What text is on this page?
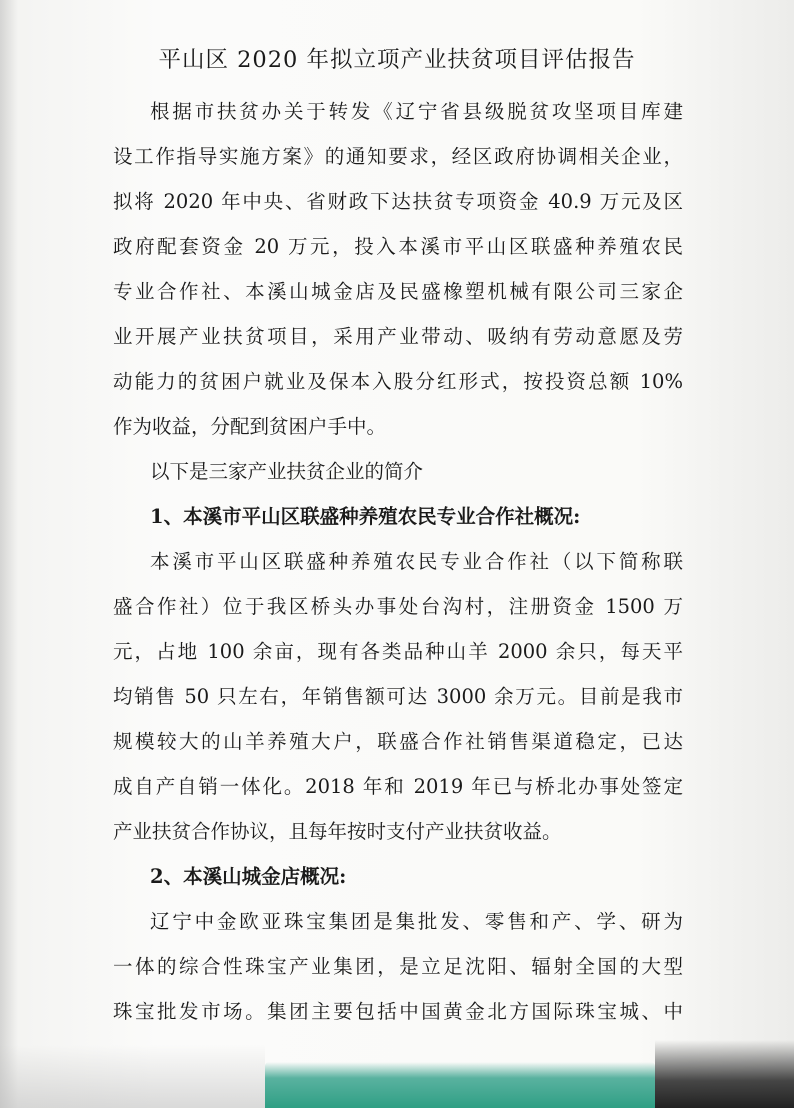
平山区 2020 年拟立项产业扶贫项目评估报告
根据市扶贫办关于转发《辽宁省县级脱贫攻坚项目库建
设工作指导实施方案》的通知要求，经区政府协调相关企业，
拟将 2020 年中央、省财政下达扶贫专项资金 40.9 万元及区
政府配套资金 20 万元，投入本溪市平山区联盛种养殖农民
专业合作社、本溪山城金店及民盛橡塑机械有限公司三家企
业开展产业扶贫项目，采用产业带动、吸纳有劳动意愿及劳
动能力的贫困户就业及保本入股分红形式，按投资总额 10%
作为收益，分配到贫困户手中。
以下是三家产业扶贫企业的简介
1、本溪市平山区联盛种养殖农民专业合作社概况:
本溪市平山区联盛种养殖农民专业合作社（以下简称联
盛合作社）位于我区桥头办事处台沟村，注册资金 1500 万
元，占地 100 余亩，现有各类品种山羊 2000 余只，每天平
均销售 50 只左右，年销售额可达 3000 余万元。目前是我市
规模较大的山羊养殖大户，联盛合作社销售渠道稳定，已达
成自产自销一体化。2018 年和 2019 年已与桥北办事处签定
产业扶贫合作协议，且每年按时支付产业扶贫收益。
2、本溪山城金店概况:
辽宁中金欧亚珠宝集团是集批发、零售和产、学、研为
一体的综合性珠宝产业集团，是立足沈阳、辐射全国的大型
珠宝批发市场。集团主要包括中国黄金北方国际珠宝城、中
